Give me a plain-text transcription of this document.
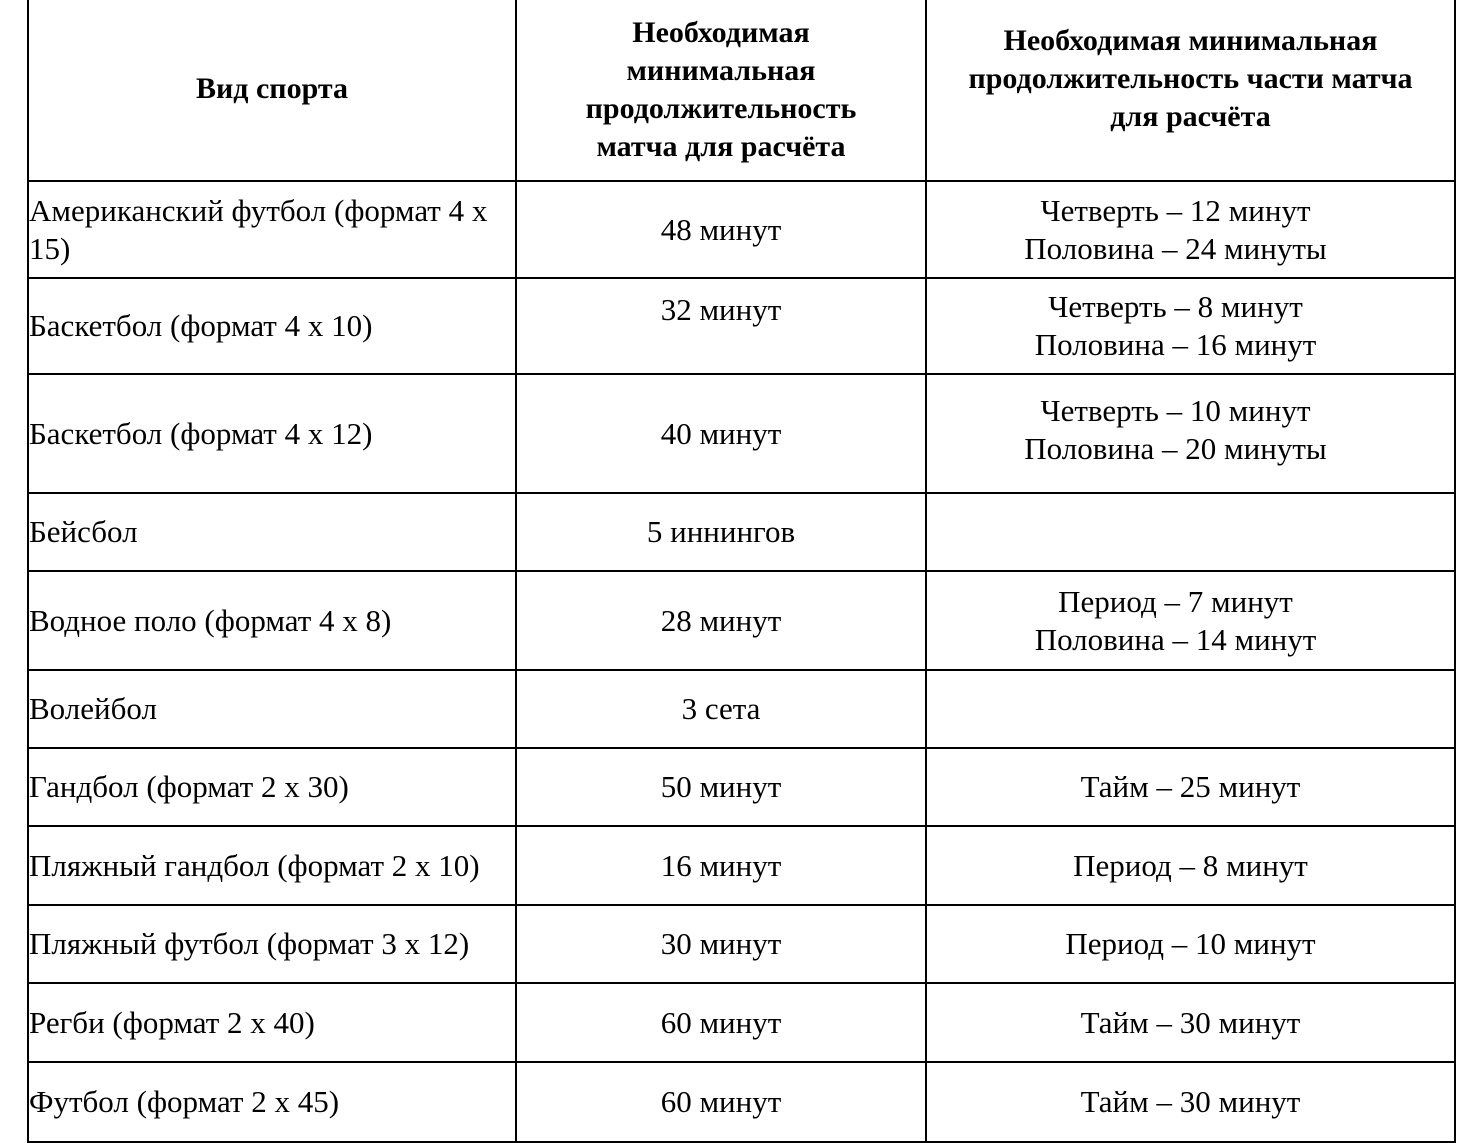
Вид спорта	Необходимая минимальная продолжительность матча для расчёта	Необходимая минимальная продолжительность части матча для расчёта
Американский футбол (формат 4 х 15)	48 минут	Четверть – 12 минут
Половина – 24 минуты

Баскетбол (формат 4 х 10)	32 минут	Четверть – 8 минут
Половина – 16 минут

Баскетбол (формат 4 х 12)	40 минут	Четверть – 10 минут
Половина – 20 минуты

Бейсбол	5 иннингов	
Водное поло (формат 4 х 8)	28 минут	Период – 7 минут
Половина – 14 минут

Волейбол	3 сета	
Гандбол (формат 2 х 30)	50 минут	Тайм – 25 минут
Пляжный гандбол (формат 2 х 10)	16 минут	Период – 8 минут
Пляжный футбол (формат 3 х 12)	30 минут	Период – 10 минут
Регби (формат 2 х 40)	60 минут	Тайм – 30 минут
Футбол (формат 2 х 45)	60 минут	Тайм – 30 минут
